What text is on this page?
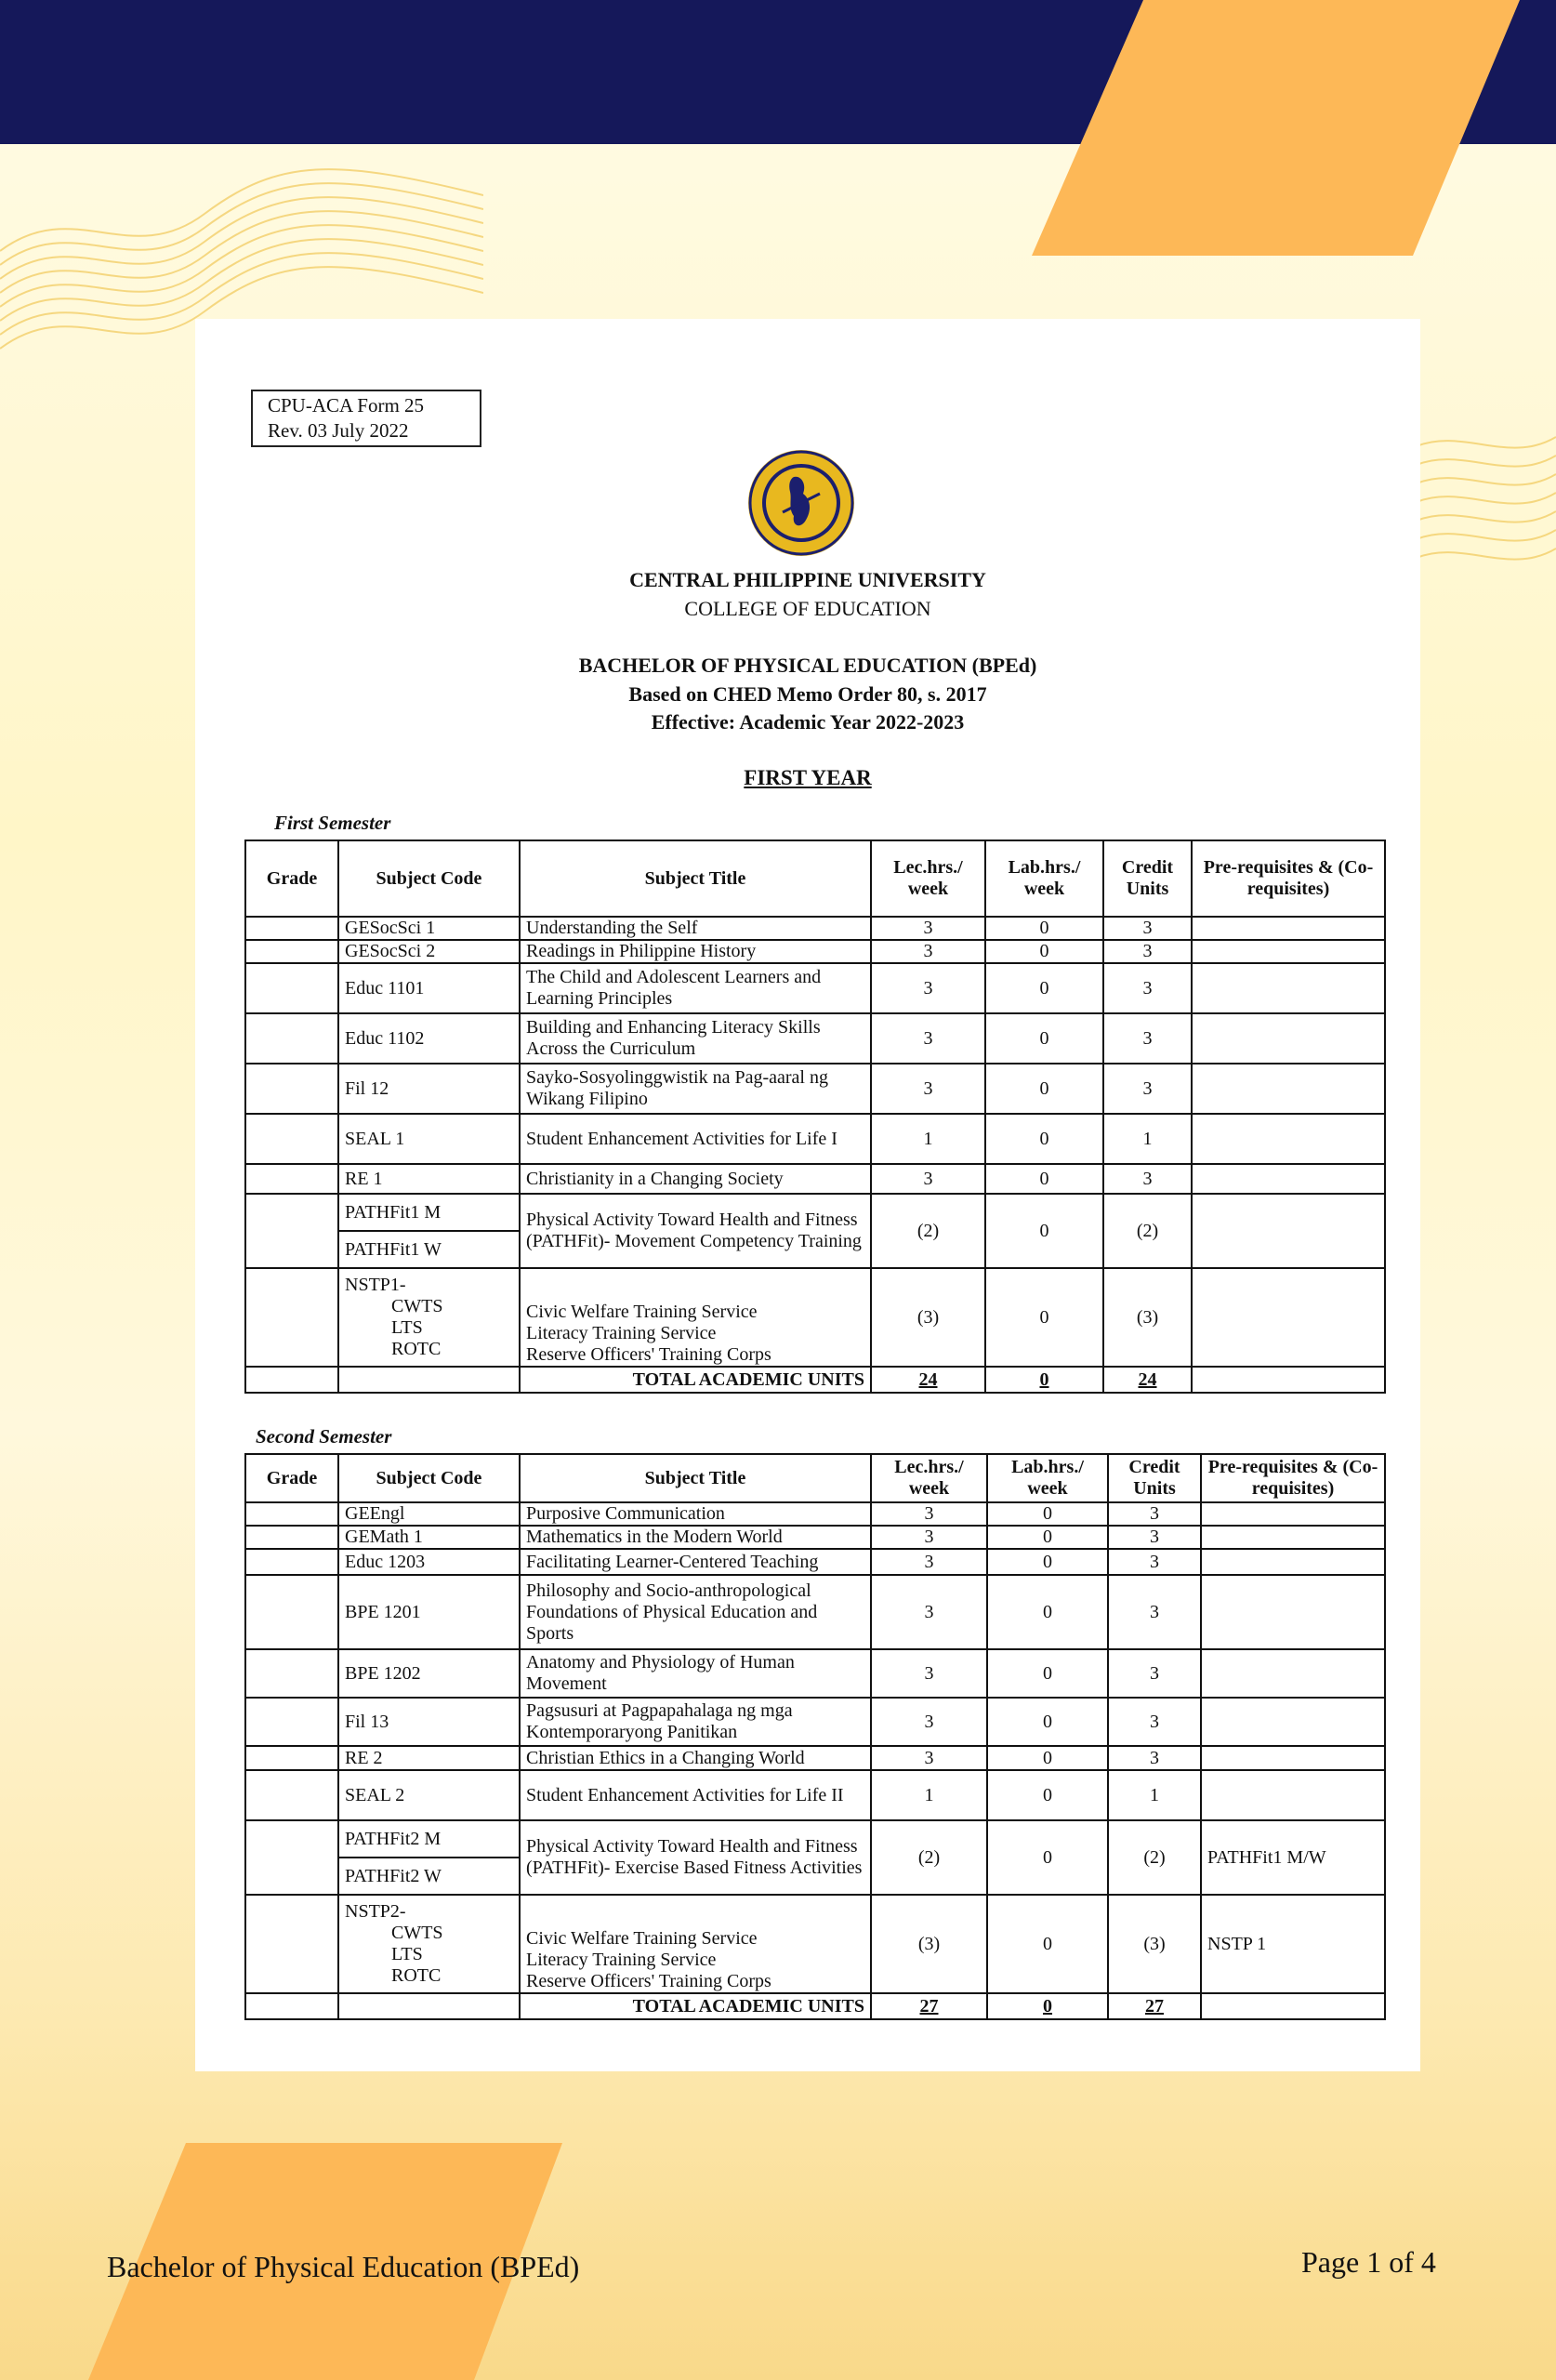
CPU-ACA Form 25
Rev. 03 July 2022
CENTRAL PHILIPPINE UNIVERSITY
COLLEGE OF EDUCATION
BACHELOR OF PHYSICAL EDUCATION (BPEd)
Based on CHED Memo Order 80, s. 2017
Effective: Academic Year 2022-2023
FIRST YEAR
First Semester
Grade	Subject Code	Subject Title	Lec.hrs./ week	Lab.hrs./ week	Credit Units	Pre-requisites & (Co-requisites)
	GESocSci 1	Understanding the Self	3	0	3	
	GESocSci 2	Readings in Philippine History	3	0	3	
	Educ 1101	The Child and Adolescent Learners and Learning Principles	3	0	3	
	Educ 1102	Building and Enhancing Literacy Skills Across the Curriculum	3	0	3	
	Fil 12	Sayko-Sosyolinggwistik na Pag-aaral ng Wikang Filipino	3	0	3	
	SEAL 1	Student Enhancement Activities for Life I	1	0	1	
	RE 1	Christianity in a Changing Society	3	0	3	
	PATHFit1 M	Physical Activity Toward Health and Fitness (PATHFit)- Movement Competency Training	(2)	0	(2)	
	PATHFit1 W					

	NSTP1-
CWTS
LTS
ROTC	Civic Welfare Training Service
Literacy Training Service
Reserve Officers' Training Corps	(3)	0	(3)	
		TOTAL ACADEMIC UNITS	24	0	24	
Second Semester
Grade	Subject Code	Subject Title	Lec.hrs./ week	Lab.hrs./ week	Credit Units	Pre-requisites & (Co-requisites)
	GEEngl	Purposive Communication	3	0	3	
	GEMath 1	Mathematics in the Modern World	3	0	3	
	Educ 1203	Facilitating Learner-Centered Teaching	3	0	3	
	BPE 1201	Philosophy and Socio-anthropological Foundations of Physical Education and Sports	3	0	3	
	BPE 1202	Anatomy and Physiology of Human Movement	3	0	3	
	Fil 13	Pagsusuri at Pagpapahalaga ng mga Kontemporaryong Panitikan	3	0	3	
	RE 2	Christian Ethics in a Changing World	3	0	3	
	SEAL 2	Student Enhancement Activities for Life II	1	0	1	
	PATHFit2 M	Physical Activity Toward Health and Fitness (PATHFit)- Exercise Based Fitness Activities	(2)	0	(2)	PATHFit1 M/W
	PATHFit2 W					

	NSTP2-
CWTS
LTS
ROTC	Civic Welfare Training Service
Literacy Training Service
Reserve Officers' Training Corps	(3)	0	(3)	NSTP 1
		TOTAL ACADEMIC UNITS	27	0	27	
Bachelor of Physical Education (BPEd)	Page 1 of 4
